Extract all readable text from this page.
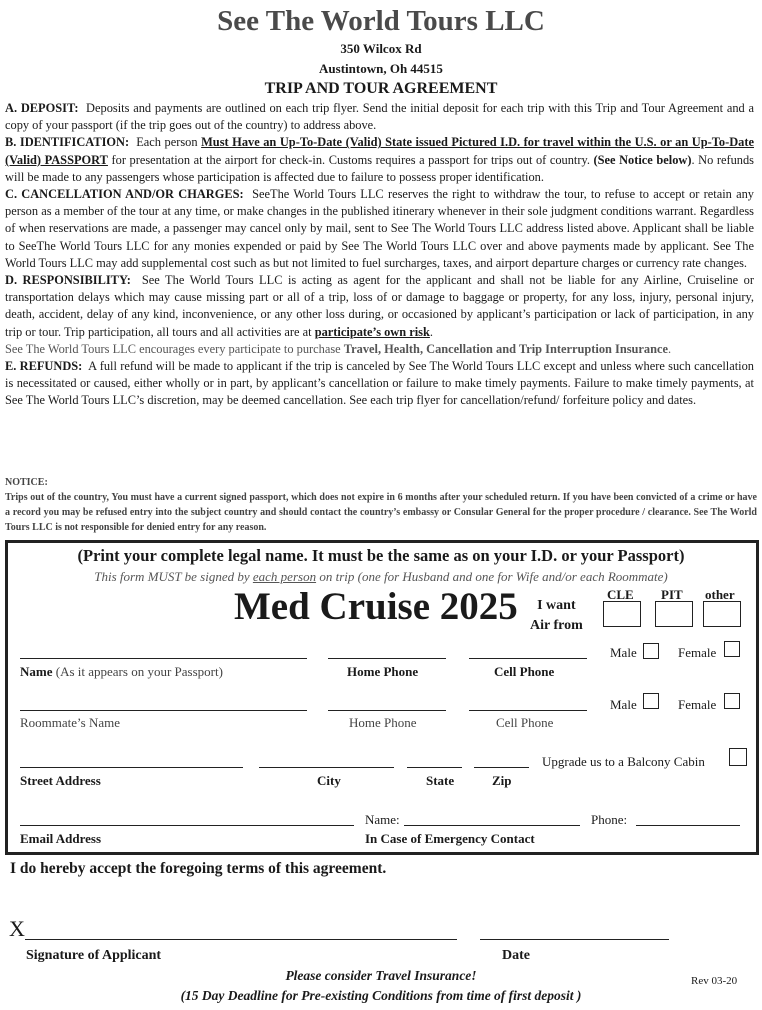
See The World Tours LLC
350 Wilcox Rd
Austintown, Oh 44515
TRIP AND TOUR AGREEMENT

A. DEPOSIT: Deposits and payments are outlined on each trip flyer. Send the initial deposit for each trip with this Trip and Tour Agreement and a copy of your passport (if the trip goes out of the country) to address above.

B. IDENTIFICATION: Each person Must Have an Up-To-Date (Valid) State issued Pictured I.D. for travel within the U.S. or an Up-To-Date (Valid) PASSPORT for presentation at the airport for check-in. Customs requires a passport for trips out of country. (See Notice below). No refunds will be made to any passengers whose participation is affected due to failure to possess proper identification.

C. CANCELLATION AND/OR CHARGES: SeeThe World Tours LLC reserves the right to withdraw the tour, to refuse to accept or retain any person as a member of the tour at any time, or make changes in the published itinerary whenever in their sole judgment conditions warrant. Regardless of when reservations are made, a passenger may cancel only by mail, sent to See The World Tours LLC address listed above. Applicant shall be liable to SeeThe World Tours LLC for any monies expended or paid by See The World Tours LLC over and above payments made by applicant. See The World Tours LLC may add supplemental cost such as but not limited to fuel surcharges, taxes, and airport departure charges or currency rate changes.

D. RESPONSIBILITY: See The World Tours LLC is acting as agent for the applicant and shall not be liable for any Airline, Cruiseline or transportation delays which may cause missing part or all of a trip, loss of or damage to baggage or property, for any loss, injury, personal injury, death, accident, delay of any kind, inconvenience, or any other loss during, or occasioned by applicant’s participation or lack of participation, in any trip or tour. Trip participation, all tours and all activities are at participate’s own risk.

See The World Tours LLC encourages every participate to purchase Travel, Health, Cancellation and Trip Interruption Insurance.

E. REFUNDS: A full refund will be made to applicant if the trip is canceled by See The World Tours LLC except and unless where such cancellation is necessitated or caused, either wholly or in part, by applicant’s cancellation or failure to make timely payments. Failure to make timely payments, at See The World Tours LLC’s discretion, may be deemed cancellation. See each trip flyer for cancellation/refund/ forfeiture policy and dates.

NOTICE:

Trips out of the country, You must have a current signed passport, which does not expire in 6 months after your scheduled return. If you have been convicted of a crime or have a record you may be refused entry into the subject country and should contact the country’s embassy or Consular General for the proper procedure / clearance. See The World Tours LLC is not responsible for denied entry for any reason.

(Print your complete legal name. It must be the same as on your I.D. or your Passport)
This form MUST be signed by each person on trip (one for Husband and one for Wife and/or each Roommate)
Med Cruise 2025	I want
Air from
CLE PIT other
Male	Female
Name (As it appears on your Passport)	Home Phone	Cell Phone
Male	Female
Roommate’s Name	Home Phone	Cell Phone
Upgrade us to a Balcony Cabin
Street Address	City	State	Zip
Name:	Phone:
Email Address	In Case of Emergency Contact
I do hereby accept the foregoing terms of this agreement.
X
Signature of Applicant	Date
Please consider Travel Insurance!
(15 Day Deadline for Pre-existing Conditions from time of first deposit )
Rev 03-20
